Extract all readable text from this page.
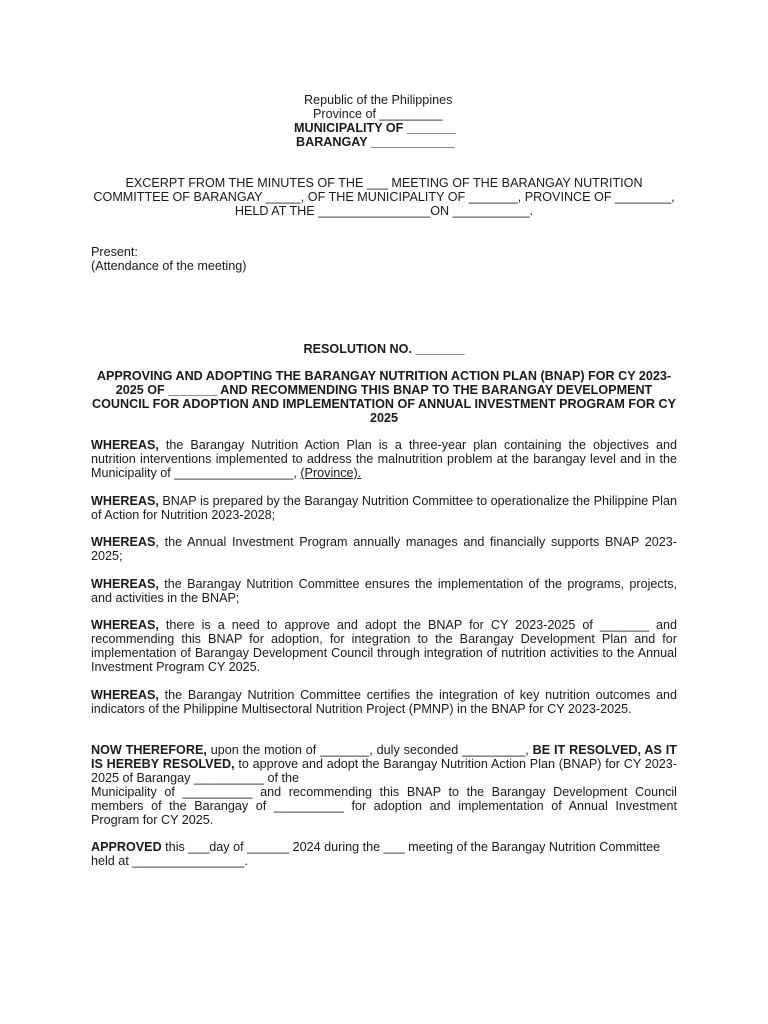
Republic of the Philippines
Province of _________
MUNICIPALITY OF _______
BARANGAY ____________
EXCERPT FROM THE MINUTES OF THE ___ MEETING OF THE BARANGAY NUTRITION COMMITTEE OF BARANGAY _____, OF THE MUNICIPALITY OF _______, PROVINCE OF ________, HELD AT THE ________________ON ___________.
Present:
(Attendance of the meeting)
RESOLUTION NO. _______
APPROVING AND ADOPTING THE BARANGAY NUTRITION ACTION PLAN (BNAP) FOR CY 2023-2025 OF _______ AND RECOMMENDING THIS BNAP TO THE BARANGAY DEVELOPMENT COUNCIL FOR ADOPTION AND IMPLEMENTATION OF ANNUAL INVESTMENT PROGRAM FOR CY 2025
WHEREAS, the Barangay Nutrition Action Plan is a three-year plan containing the objectives and nutrition interventions implemented to address the malnutrition problem at the barangay level and in the Municipality of _________________, (Province).
WHEREAS, BNAP is prepared by the Barangay Nutrition Committee to operationalize the Philippine Plan of Action for Nutrition 2023-2028;
WHEREAS, the Annual Investment Program annually manages and financially supports BNAP 2023-2025;
WHEREAS, the Barangay Nutrition Committee ensures the implementation of the programs, projects, and activities in the BNAP;
WHEREAS, there is a need to approve and adopt the BNAP for CY 2023-2025 of _______ and recommending this BNAP for adoption, for integration to the Barangay Development Plan and for implementation of Barangay Development Council through integration of nutrition activities to the Annual Investment Program CY 2025.
WHEREAS, the Barangay Nutrition Committee certifies the integration of key nutrition outcomes and indicators of the Philippine Multisectoral Nutrition Project (PMNP) in the BNAP for CY 2023-2025.
NOW THEREFORE, upon the motion of _______, duly seconded _________, BE IT RESOLVED, AS IT IS HEREBY RESOLVED, to approve and adopt the Barangay Nutrition Action Plan (BNAP) for CY 2023-2025 of Barangay __________ of the
Municipality of __________ and recommending this BNAP to the Barangay Development Council members of the Barangay of __________ for adoption and implementation of Annual Investment Program for CY 2025.
APPROVED this ___day of ______ 2024 during the ___ meeting of the Barangay Nutrition Committee held at ________________.
